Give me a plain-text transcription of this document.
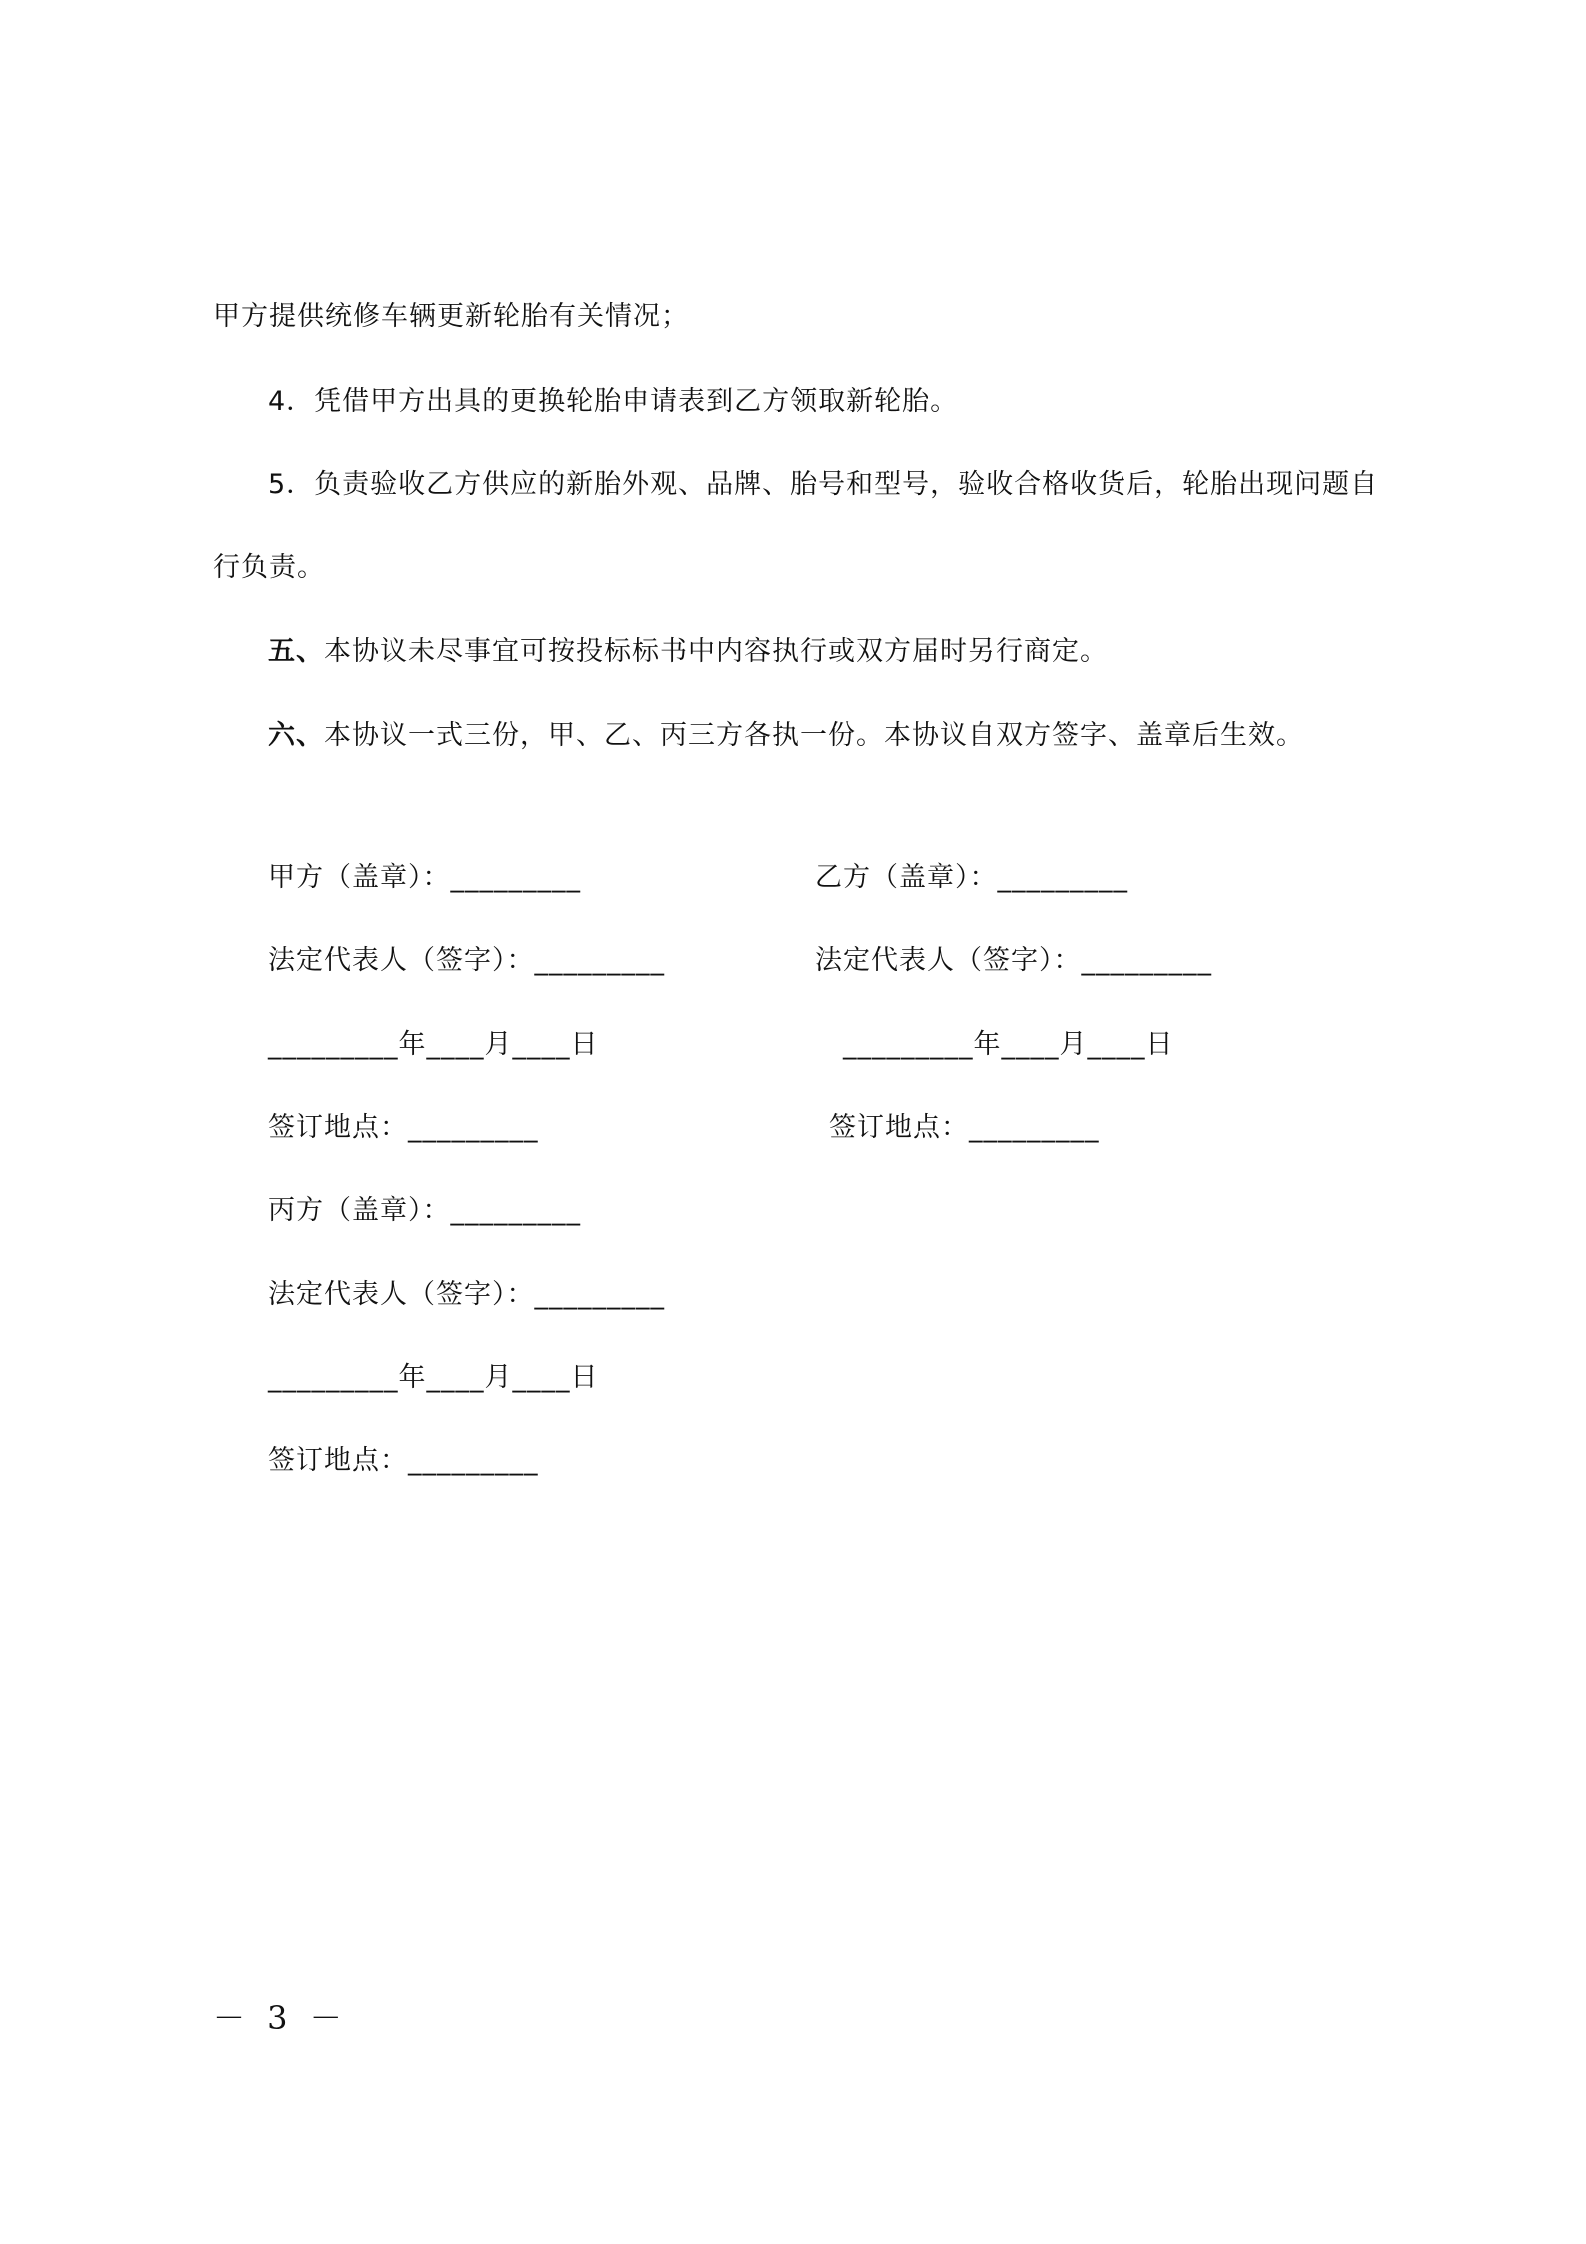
甲方提供统修车辆更新轮胎有关情况；
4．凭借甲方出具的更换轮胎申请表到乙方领取新轮胎。
5．负责验收乙方供应的新胎外观、品牌、胎号和型号，验收合格收货后，轮胎出现问题自
行负责。
五、本协议未尽事宜可按投标标书中内容执行或双方届时另行商定。
六、本协议一式三份，甲、乙、丙三方各执一份。本协议自双方签字、盖章后生效。
甲方（盖章）：_________
法定代表人（签字）：_________
_________年____月____日
签订地点：_________
乙方（盖章）：_________
法定代表人（签字）：_________
_________年____月____日
签订地点：_________
丙方（盖章）：_________
法定代表人（签字）：_________
_________年____月____日
签订地点：_________
－ 3 －
